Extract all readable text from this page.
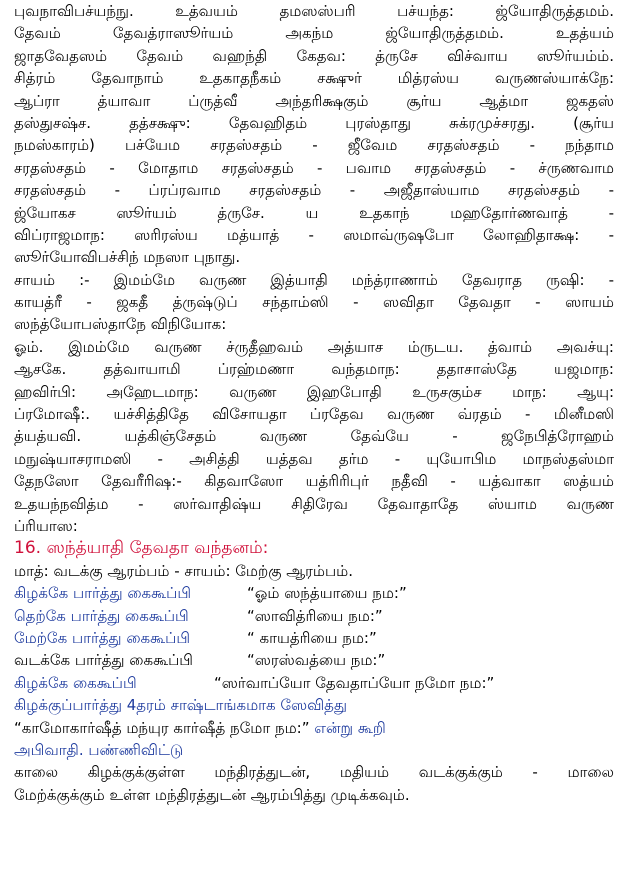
புவநாவிபச்யந்நு. உத்வயம் தமஸஸ்பரி பச்யந்த: ஜ்யோதிருத்தமம்.
தேவம் தேவத்ராஸூர்யம் அகந்ம ஜ்யோதிருத்தமம். உதத்யம்
ஜாதவேதஸம் தேவம் வஹந்தி கேதவ: த்ருசே விச்வாய ஸூர்யம்ம்.
சித்ரம் தேவாநாம் உதகாதநீகம் சக்ஷுர் மித்ரஸ்ய வருணஸ்யாக்நே:
ஆப்ரா த்யாவா ப்ருத்வீ அந்தரிக்ஷகும் சூர்ய ஆத்மா ஜகதஸ்
தஸ்துசஷ்ச. தத்சக்ஷு: தேவஹிதம் புரஸ்தாது சுக்ரமுச்சரது. (சூர்ய
நமஸ்காரம்) பச்யேம சரதஸ்சதம் - ஜீவேம சரதஸ்சதம் - நந்தாம
சரதஸ்சதம் - மோதாம சரதஸ்சதம் - பவாம சரதஸ்சதம் - ச்ருணவாம
சரதஸ்சதம் - ப்ரப்ரவாம சரதஸ்சதம் - அஜீதாஸ்யாம சரதஸ்சதம் -
ஜ்யோகச ஸூர்யம் த்ருசே. ய உதகாந் மஹதோர்ணவாத் -
விப்ராஜமாந: ஸரிரஸ்ய மத்யாத் - ஸமாவ்ருஷபோ லோஹிதாக்ஷ: -
ஸூர்யோவிபச்சிந் மநஸா புநாது.
சாயம் :- இமம்மே வருண இத்யாதி மந்த்ராணாம் தேவராத ருஷி: -
காயத்ரீ - ஜகதீ த்ருஷ்டுப் சந்தாம்ஸி - ஸவிதா தேவதா - ஸாயம்
ஸந்த்யோபஸ்தாநே விநியோக:
ஓம். இமம்மே வருண ச்ருதீஹவம் அத்யாச ம்ருடய. த்வாம் அவச்யு:
ஆசகே. தத்வாயாமி ப்ரஹ்மணா வந்தமாந: ததாசாஸ்தே யஜமாந:
ஹவிர்பி: அஹேடமாந: வருண இஹபோதி உருசகும்ச மாந: ஆயு:
ப்ரமோஷீ:. யச்சித்திதே விசோயதா ப்ரதேவ வருண வ்ரதம் - மினீமஸி
த்யத்யவி. யத்கிஞ்சேதம் வருண தேவ்யே - ஜநேபித்ரோஹம்
மநுஷ்யாசராமஸி - அசித்தி யத்தவ தர்ம - யுயோபிம மாநஸ்தஸ்மா
தேநஸோ தேவரீரிஷ:- கிதவாஸோ யத்ரிரிபுர் நதீவி - யத்வாகா ஸத்யம்
உதயந்நவித்ம - ஸர்வாதிஷ்ய சிதிரேவ தேவாதாதே ஸ்யாம வருண
ப்ரியாஸ:
16. ஸந்த்யாதி தேவதா வந்தனம்:
மாத்: வடக்கு ஆரம்பம் - சாயம்: மேற்கு ஆரம்பம்.
கிழக்கே பார்த்து கைகூப்பி	“ஓம் ஸந்த்யாயை நம:”
தெற்கே பார்த்து கைகூப்பி	“ஸாவித்ரியை நம:”
மேற்கே பார்த்து கைகூப்பி	“ காயத்ரியை நம:”
வடக்கே பார்த்து கைகூப்பி	“ஸரஸ்வத்யை நம:”
கிழக்கே கைகூப்பி	“ஸர்வாப்யோ தேவதாப்யோ நமோ நம:”
கிழக்குப்பார்த்து 4தரம் சாஷ்டாங்கமாக ஸேவித்து
“காமோகார்ஷீத் மந்யுர கார்ஷீத் நமோ நம:” என்று கூறி
அபிவாதி. பண்ணிவிட்டு
காலை கிழக்குக்குள்ள மந்திரத்துடன், மதியம் வடக்குக்கும் - மாலை
மேற்க்குக்கும் உள்ள மந்திரத்துடன் ஆரம்பித்து முடிக்கவும்.
